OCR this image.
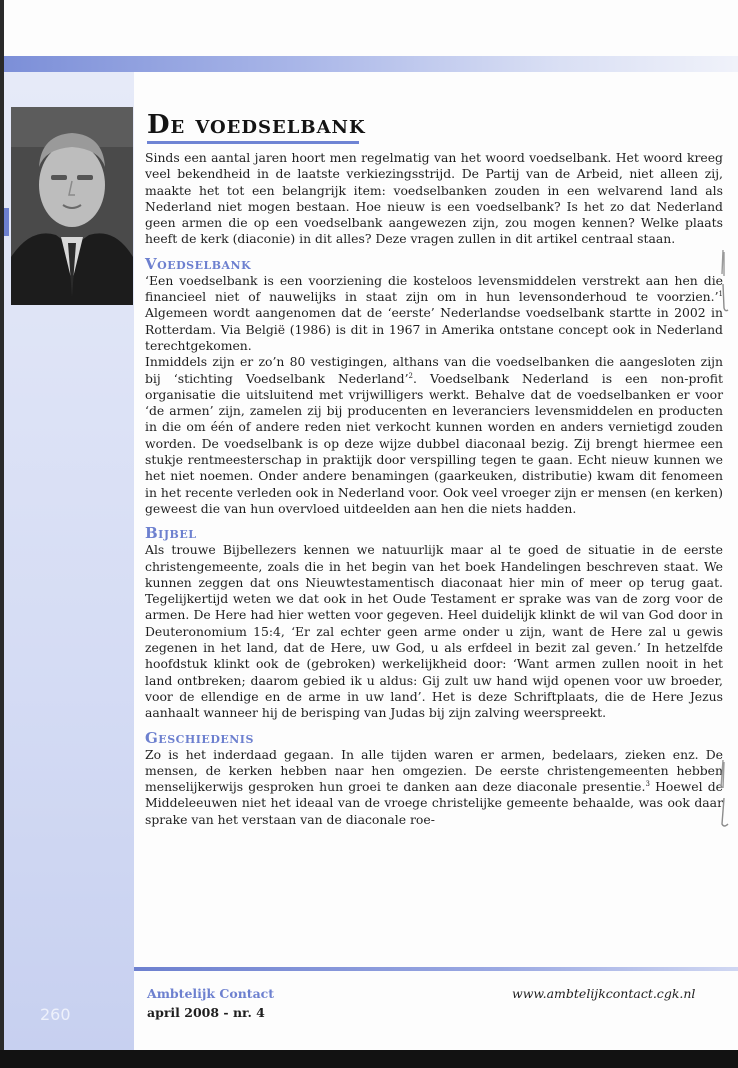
De voedselbank

Sinds een aantal jaren hoort men regelmatig van het woord voedselbank. Het woord kreeg veel bekendheid in de laatste verkiezingsstrijd. De Partij van de Arbeid, niet alleen zij, maakte het tot een belangrijk item: voedselbanken zouden in een welvarend land als Nederland niet mogen bestaan. Hoe nieuw is een voedselbank? Is het zo dat Nederland geen armen die op een voedselbank aangewezen zijn, zou mogen kennen? Welke plaats heeft de kerk (diaconie) in dit alles? Deze vragen zullen in dit artikel centraal staan.

Voedselbank

‘Een voedselbank is een voorziening die kosteloos levensmiddelen verstrekt aan hen die financieel niet of nauwelijks in staat zijn om in hun levensonderhoud te voorzien.’$^1$ Algemeen wordt aangenomen dat de ‘eerste’ Nederlandse voedselbank startte in 2002 in Rotterdam. Via België (1986) is dit in 1967 in Amerika ontstane concept ook in Nederland terechtgekomen.

Inmiddels zijn er zo’n 80 vestigingen, althans van die voedselbanken die aangesloten zijn bij ‘stichting Voedselbank Nederland’$^2$. Voedselbank Nederland is een non-profit organisatie die uitsluitend met vrijwilligers werkt. Behalve dat de voedselbanken er voor ‘de armen’ zijn, zamelen zij bij producenten en leveranciers levensmiddelen en producten in die om één of andere reden niet verkocht kunnen worden en anders vernietigd zouden worden. De voedselbank is op deze wijze dubbel diaconaal bezig. Zij brengt hiermee een stukje rentmeesterschap in praktijk door verspilling tegen te gaan. Echt nieuw kunnen we het niet noemen. Onder andere benamingen (gaarkeuken, distributie) kwam dit fenomeen in het recente verleden ook in Nederland voor. Ook veel vroeger zijn er mensen (en kerken) geweest die van hun overvloed uitdeelden aan hen die niets hadden.

Bijbel

Als trouwe Bijbellezers kennen we natuurlijk maar al te goed de situatie in de eerste christengemeente, zoals die in het begin van het boek Handelingen beschreven staat. We kunnen zeggen dat ons Nieuwtestamentisch diaconaat hier min of meer op terug gaat. Tegelijkertijd weten we dat ook in het Oude Testament er sprake was van de zorg voor de armen. De Here had hier wetten voor gegeven. Heel duidelijk klinkt de wil van God door in Deuteronomium 15:4, ‘Er zal echter geen arme onder u zijn, want de Here zal u gewis zegenen in het land, dat de Here, uw God, u als erfdeel in bezit zal geven.’ In hetzelfde hoofdstuk klinkt ook de (gebroken) werkelijkheid door: ‘Want armen zullen nooit in het land ontbreken; daarom gebied ik u aldus: Gij zult uw hand wijd openen voor uw broeder, voor de ellendige en de arme in uw land’. Het is deze Schriftplaats, die de Here Jezus aanhaalt wanneer hij de berisping van Judas bij zijn zalving weerspreekt.

Geschiedenis

Zo is het inderdaad gegaan. In alle tijden waren er armen, bedelaars, zieken enz. De mensen, de kerken hebben naar hen omgezien. De eerste christengemeenten hebben menselijkerwijs gesproken hun groei te danken aan deze diaconale presentie.$^3$ Hoewel de Middeleeuwen niet het ideaal van de vroege christelijke gemeente behaalde, was ook daar sprake van het verstaan van de diaconale roe-

260
Ambtelijk Contact
april 2008 - nr. 4
www.ambtelijkcontact.cgk.nl
